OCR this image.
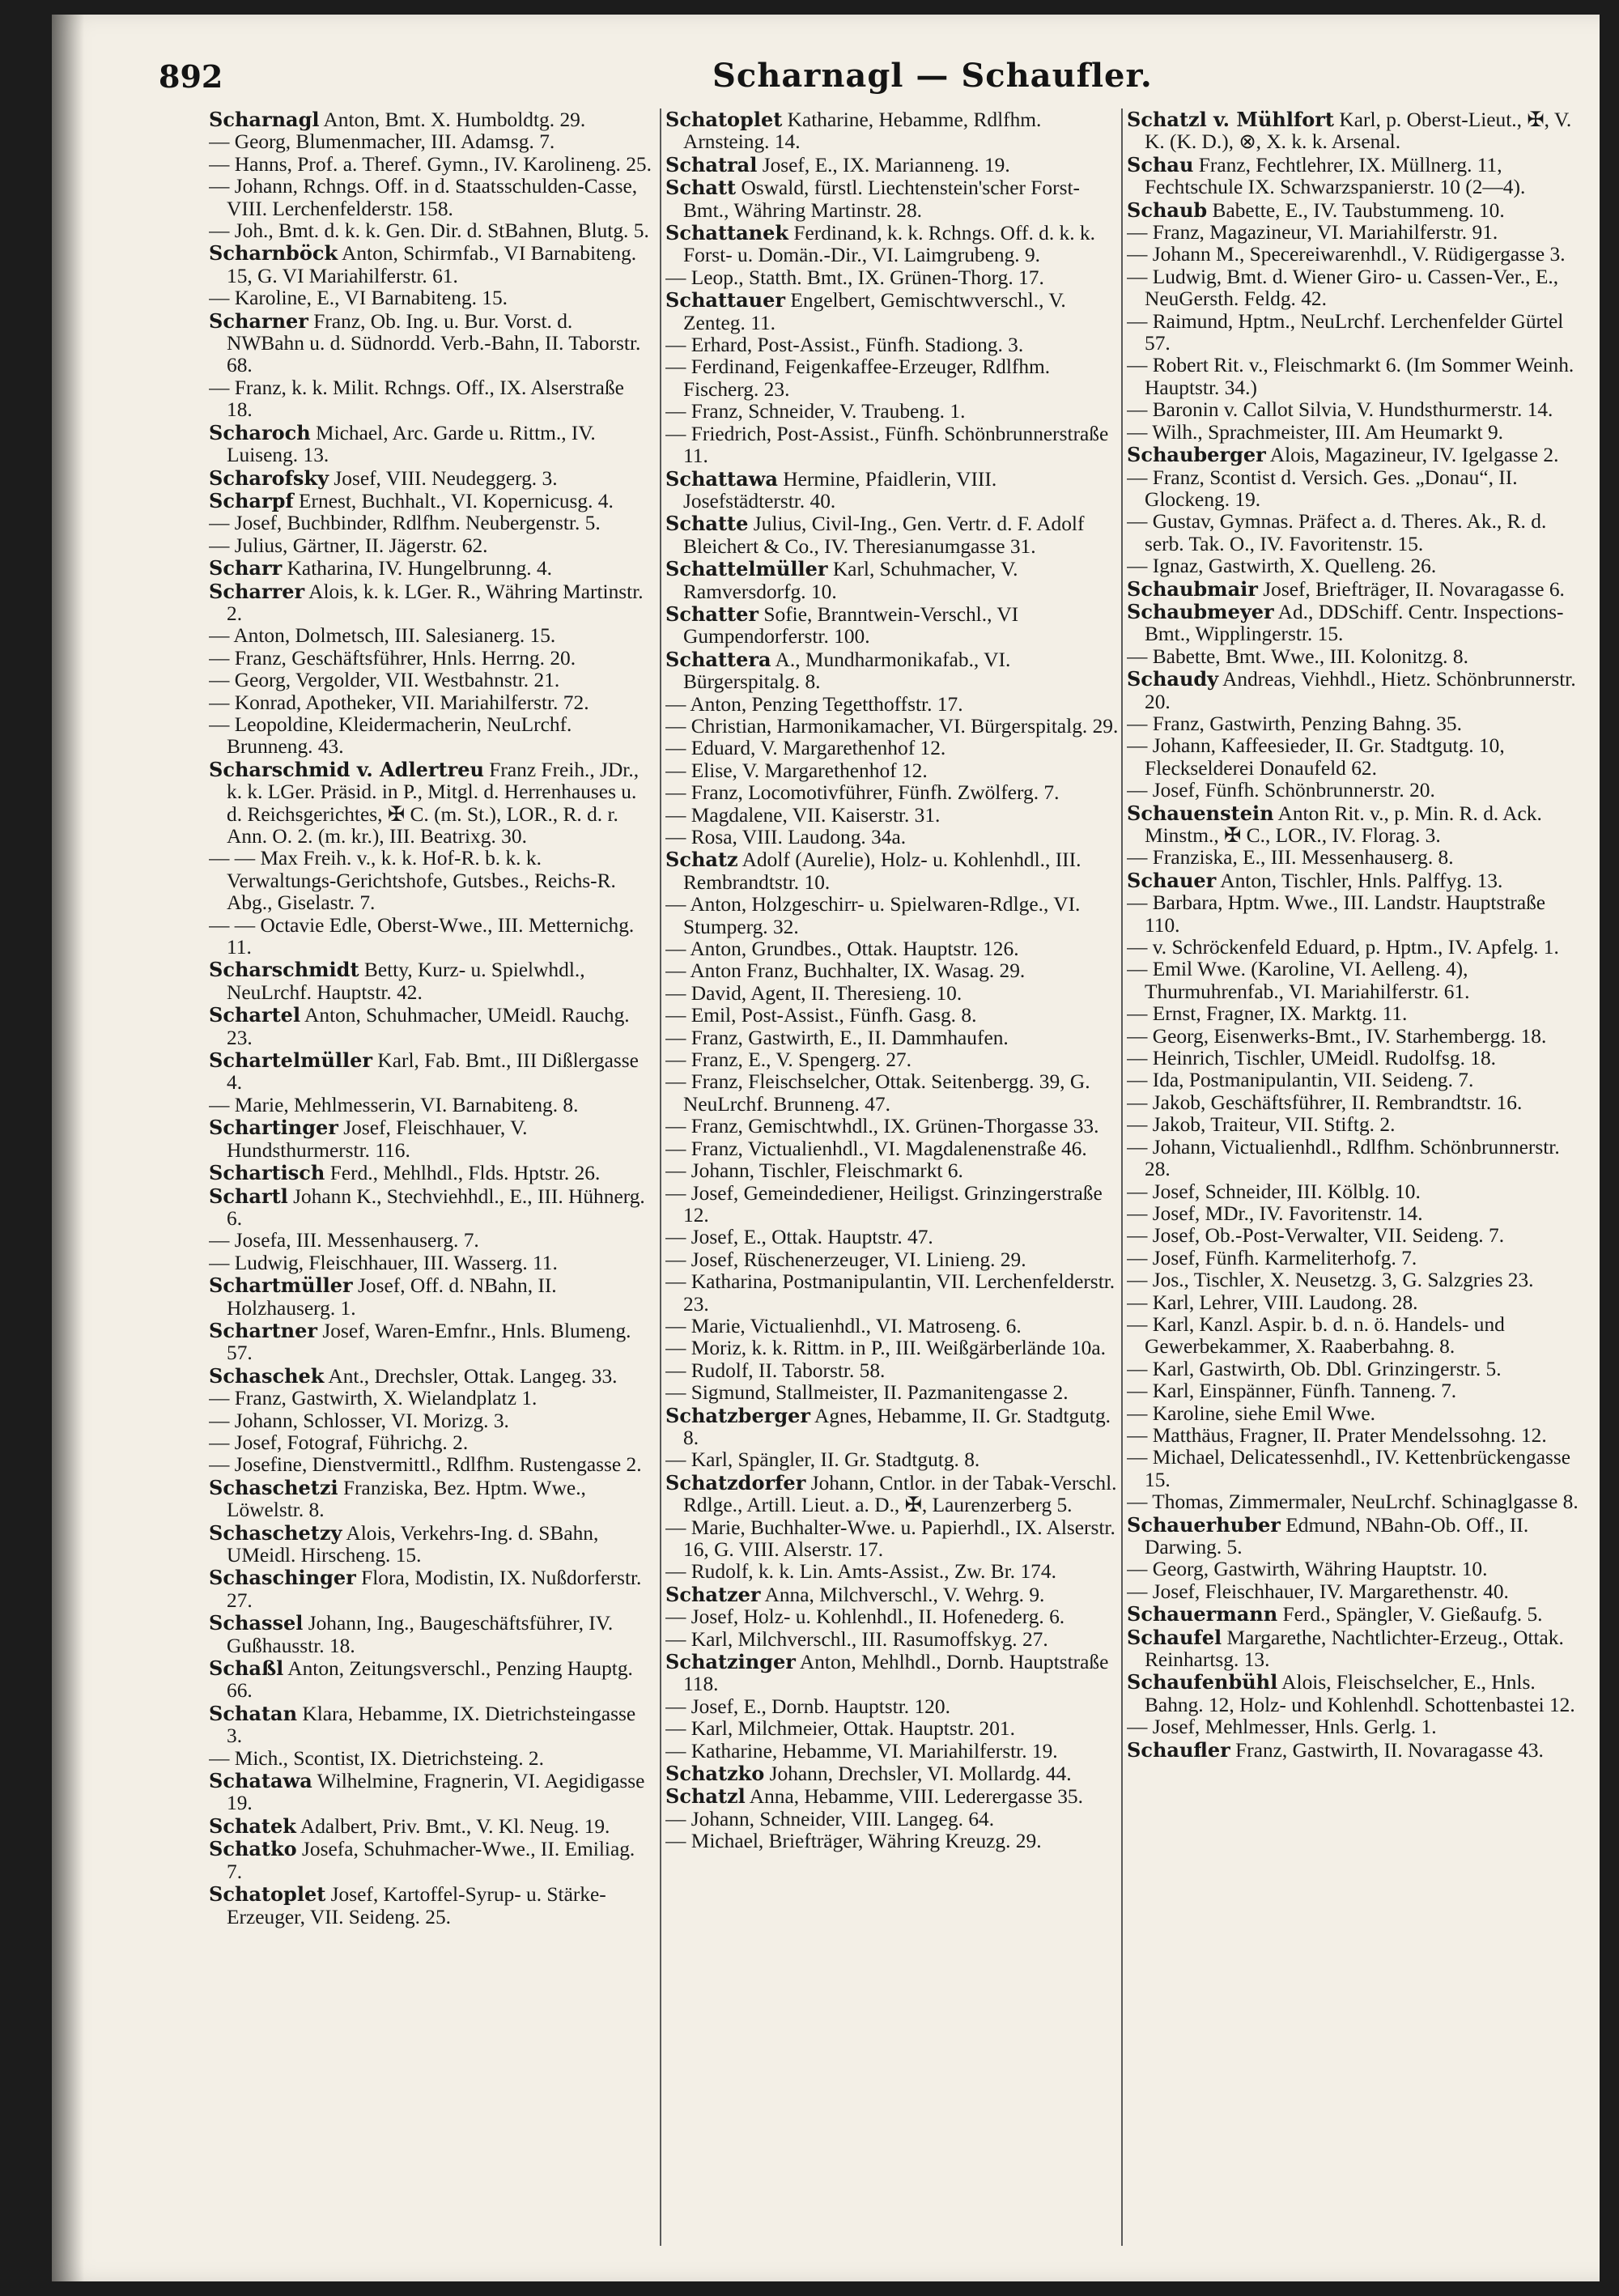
892	Scharnagl — Schaufler.
Scharnagl Anton, Bmt. X. Humboldtg. 29.
— Georg, Blumenmacher, III. Adamsg. 7.
— Hanns, Prof. a. Theref. Gymn., IV. Karolineng. 25.
— Johann, Rchngs. Off. in d. Staatsschulden-Casse, VIII. Lerchenfelderstr. 158.
— Joh., Bmt. d. k. k. Gen. Dir. d. StBahnen, Blutg. 5.
Scharnböck Anton, Schirmfab., VI Barnabiteng. 15, G. VI Mariahilferstr. 61.
— Karoline, E., VI Barnabiteng. 15.
Scharner Franz, Ob. Ing. u. Bur. Vorst. d. NWBahn u. d. Südnordd. Verb.-Bahn, II. Taborstr. 68.
— Franz, k. k. Milit. Rchngs. Off., IX. Alserstraße 18.
Scharoch Michael, Arc. Garde u. Rittm., IV. Luiseng. 13.
Scharofsky Josef, VIII. Neudeggerg. 3.
Scharpf Ernest, Buchhalt., VI. Kopernicusg. 4.
— Josef, Buchbinder, Rdlfhm. Neubergenstr. 5.
— Julius, Gärtner, II. Jägerstr. 62.
Scharr Katharina, IV. Hungelbrunng. 4.
Scharrer Alois, k. k. LGer. R., Währing Martinstr. 2.
— Anton, Dolmetsch, III. Salesianerg. 15.
— Franz, Geschäftsführer, Hnls. Herrng. 20.
— Georg, Vergolder, VII. Westbahnstr. 21.
— Konrad, Apotheker, VII. Mariahilferstr. 72.
— Leopoldine, Kleidermacherin, NeuLrchf. Brunneng. 43.
Scharschmid v. Adlertreu Franz Freih., JDr., k. k. LGer. Präsid. in P., Mitgl. d. Herrenhauses u. d. Reichsgerichtes, ✠ C. (m. St.), LOR., R. d. r. Ann. O. 2. (m. kr.), III. Beatrixg. 30.
— — Max Freih. v., k. k. Hof-R. b. k. k. Verwaltungs-Gerichtshofe, Gutsbes., Reichs-R. Abg., Giselastr. 7.
— — Octavie Edle, Oberst-Wwe., III. Metternichg. 11.
Scharschmidt Betty, Kurz- u. Spielwhdl., NeuLrchf. Hauptstr. 42.
Schartel Anton, Schuhmacher, UMeidl. Rauchg. 23.
Schartelmüller Karl, Fab. Bmt., III Dißlergasse 4.
— Marie, Mehlmesserin, VI. Barnabiteng. 8.
Schartinger Josef, Fleischhauer, V. Hundsthurmerstr. 116.
Schartisch Ferd., Mehlhdl., Flds. Hptstr. 26.
Schartl Johann K., Stechviehhdl., E., III. Hühnerg. 6.
— Josefa, III. Messenhauserg. 7.
— Ludwig, Fleischhauer, III. Wasserg. 11.
Schartmüller Josef, Off. d. NBahn, II. Holzhauserg. 1.
Schartner Josef, Waren-Emfnr., Hnls. Blumeng. 57.
Schaschek Ant., Drechsler, Ottak. Langeg. 33.
— Franz, Gastwirth, X. Wielandplatz 1.
— Johann, Schlosser, VI. Morizg. 3.
— Josef, Fotograf, Führichg. 2.
— Josefine, Dienstvermittl., Rdlfhm. Rustengasse 2.
Schaschetzi Franziska, Bez. Hptm. Wwe., Löwelstr. 8.
Schaschetzy Alois, Verkehrs-Ing. d. SBahn, UMeidl. Hirscheng. 15.
Schaschinger Flora, Modistin, IX. Nußdorferstr. 27.
Schassel Johann, Ing., Baugeschäftsführer, IV. Gußhausstr. 18.
Schaßl Anton, Zeitungsverschl., Penzing Hauptg. 66.
Schatan Klara, Hebamme, IX. Dietrichsteingasse 3.
— Mich., Scontist, IX. Dietrichsteing. 2.
Schatawa Wilhelmine, Fragnerin, VI. Aegidigasse 19.
Schatek Adalbert, Priv. Bmt., V. Kl. Neug. 19.
Schatko Josefa, Schuhmacher-Wwe., II. Emiliag. 7.
Schatoplet Josef, Kartoffel-Syrup- u. Stärke-Erzeuger, VII. Seideng. 25.
Schatoplet Katharine, Hebamme, Rdlfhm. Arnsteing. 14.
Schatral Josef, E., IX. Marianneng. 19.
Schatt Oswald, fürstl. Liechtenstein'scher Forst-Bmt., Währing Martinstr. 28.
Schattanek Ferdinand, k. k. Rchngs. Off. d. k. k. Forst- u. Domän.-Dir., VI. Laimgrubeng. 9.
— Leop., Statth. Bmt., IX. Grünen-Thorg. 17.
Schattauer Engelbert, Gemischtwverschl., V. Zenteg. 11.
— Erhard, Post-Assist., Fünfh. Stadiong. 3.
— Ferdinand, Feigenkaffee-Erzeuger, Rdlfhm. Fischerg. 23.
— Franz, Schneider, V. Traubeng. 1.
— Friedrich, Post-Assist., Fünfh. Schönbrunnerstraße 11.
Schattawa Hermine, Pfaidlerin, VIII. Josefstädterstr. 40.
Schatte Julius, Civil-Ing., Gen. Vertr. d. F. Adolf Bleichert & Co., IV. Theresianumgasse 31.
Schattelmüller Karl, Schuhmacher, V. Ramversdorfg. 10.
Schatter Sofie, Branntwein-Verschl., VI Gumpendorferstr. 100.
Schattera A., Mundharmonikafab., VI. Bürgerspitalg. 8.
— Anton, Penzing Tegetthoffstr. 17.
— Christian, Harmonikamacher, VI. Bürgerspitalg. 29.
— Eduard, V. Margarethenhof 12.
— Elise, V. Margarethenhof 12.
— Franz, Locomotivführer, Fünfh. Zwölferg. 7.
— Magdalene, VII. Kaiserstr. 31.
— Rosa, VIII. Laudong. 34a.
Schatz Adolf (Aurelie), Holz- u. Kohlenhdl., III. Rembrandtstr. 10.
— Anton, Holzgeschirr- u. Spielwaren-Rdlge., VI. Stumperg. 32.
— Anton, Grundbes., Ottak. Hauptstr. 126.
— Anton Franz, Buchhalter, IX. Wasag. 29.
— David, Agent, II. Theresieng. 10.
— Emil, Post-Assist., Fünfh. Gasg. 8.
— Franz, Gastwirth, E., II. Dammhaufen.
— Franz, E., V. Spengerg. 27.
— Franz, Fleischselcher, Ottak. Seitenbergg. 39, G. NeuLrchf. Brunneng. 47.
— Franz, Gemischtwhdl., IX. Grünen-Thorgasse 33.
— Franz, Victualienhdl., VI. Magdalenenstraße 46.
— Johann, Tischler, Fleischmarkt 6.
— Josef, Gemeindediener, Heiligst. Grinzingerstraße 12.
— Josef, E., Ottak. Hauptstr. 47.
— Josef, Rüschenerzeuger, VI. Linieng. 29.
— Katharina, Postmanipulantin, VII. Lerchenfelderstr. 23.
— Marie, Victualienhdl., VI. Matroseng. 6.
— Moriz, k. k. Rittm. in P., III. Weißgärberlände 10a.
— Rudolf, II. Taborstr. 58.
— Sigmund, Stallmeister, II. Pazmanitengasse 2.
Schatzberger Agnes, Hebamme, II. Gr. Stadtgutg. 8.
— Karl, Spängler, II. Gr. Stadtgutg. 8.
Schatzdorfer Johann, Cntlor. in der Tabak-Verschl. Rdlge., Artill. Lieut. a. D., ✠, Laurenzerberg 5.
— Marie, Buchhalter-Wwe. u. Papierhdl., IX. Alserstr. 16, G. VIII. Alserstr. 17.
— Rudolf, k. k. Lin. Amts-Assist., Zw. Br. 174.
Schatzer Anna, Milchverschl., V. Wehrg. 9.
— Josef, Holz- u. Kohlenhdl., II. Hofenederg. 6.
— Karl, Milchverschl., III. Rasumoffskyg. 27.
Schatzinger Anton, Mehlhdl., Dornb. Hauptstraße 118.
— Josef, E., Dornb. Hauptstr. 120.
— Karl, Milchmeier, Ottak. Hauptstr. 201.
— Katharine, Hebamme, VI. Mariahilferstr. 19.
Schatzko Johann, Drechsler, VI. Mollardg. 44.
Schatzl Anna, Hebamme, VIII. Lederergasse 35.
— Johann, Schneider, VIII. Langeg. 64.
— Michael, Briefträger, Währing Kreuzg. 29.
Schatzl v. Mühlfort Karl, p. Oberst-Lieut., ✠, V. K. (K. D.), ⊗, X. k. k. Arsenal.
Schau Franz, Fechtlehrer, IX. Müllnerg. 11, Fechtschule IX. Schwarzspanierstr. 10 (2—4).
Schaub Babette, E., IV. Taubstummeng. 10.
— Franz, Magazineur, VI. Mariahilferstr. 91.
— Johann M., Specereiwarenhdl., V. Rüdigergasse 3.
— Ludwig, Bmt. d. Wiener Giro- u. Cassen-Ver., E., NeuGersth. Feldg. 42.
— Raimund, Hptm., NeuLrchf. Lerchenfelder Gürtel 57.
— Robert Rit. v., Fleischmarkt 6. (Im Sommer Weinh. Hauptstr. 34.)
— Baronin v. Callot Silvia, V. Hundsthurmerstr. 14.
— Wilh., Sprachmeister, III. Am Heumarkt 9.
Schauberger Alois, Magazineur, IV. Igelgasse 2.
— Franz, Scontist d. Versich. Ges. „Donau“, II. Glockeng. 19.
— Gustav, Gymnas. Präfect a. d. Theres. Ak., R. d. serb. Tak. O., IV. Favoritenstr. 15.
— Ignaz, Gastwirth, X. Quelleng. 26.
Schaubmair Josef, Briefträger, II. Novaragasse 6.
Schaubmeyer Ad., DDSchiff. Centr. Inspections-Bmt., Wipplingerstr. 15.
— Babette, Bmt. Wwe., III. Kolonitzg. 8.
Schaudy Andreas, Viehhdl., Hietz. Schönbrunnerstr. 20.
— Franz, Gastwirth, Penzing Bahng. 35.
— Johann, Kaffeesieder, II. Gr. Stadtgutg. 10, Fleckselderei Donaufeld 62.
— Josef, Fünfh. Schönbrunnerstr. 20.
Schauenstein Anton Rit. v., p. Min. R. d. Ack. Minstm., ✠ C., LOR., IV. Florag. 3.
— Franziska, E., III. Messenhauserg. 8.
Schauer Anton, Tischler, Hnls. Palffyg. 13.
— Barbara, Hptm. Wwe., III. Landstr. Hauptstraße 110.
— v. Schröckenfeld Eduard, p. Hptm., IV. Apfelg. 1.
— Emil Wwe. (Karoline, VI. Aelleng. 4), Thurmuhrenfab., VI. Mariahilferstr. 61.
— Ernst, Fragner, IX. Marktg. 11.
— Georg, Eisenwerks-Bmt., IV. Starhembergg. 18.
— Heinrich, Tischler, UMeidl. Rudolfsg. 18.
— Ida, Postmanipulantin, VII. Seideng. 7.
— Jakob, Geschäftsführer, II. Rembrandtstr. 16.
— Jakob, Traiteur, VII. Stiftg. 2.
— Johann, Victualienhdl., Rdlfhm. Schönbrunnerstr. 28.
— Josef, Schneider, III. Kölblg. 10.
— Josef, MDr., IV. Favoritenstr. 14.
— Josef, Ob.-Post-Verwalter, VII. Seideng. 7.
— Josef, Fünfh. Karmeliterhofg. 7.
— Jos., Tischler, X. Neusetzg. 3, G. Salzgries 23.
— Karl, Lehrer, VIII. Laudong. 28.
— Karl, Kanzl. Aspir. b. d. n. ö. Handels- und Gewerbekammer, X. Raaberbahng. 8.
— Karl, Gastwirth, Ob. Dbl. Grinzingerstr. 5.
— Karl, Einspänner, Fünfh. Tanneng. 7.
— Karoline, siehe Emil Wwe.
— Matthäus, Fragner, II. Prater Mendelssohng. 12.
— Michael, Delicatessenhdl., IV. Kettenbrückengasse 15.
— Thomas, Zimmermaler, NeuLrchf. Schinaglgasse 8.
Schauerhuber Edmund, NBahn-Ob. Off., II. Darwing. 5.
— Georg, Gastwirth, Währing Hauptstr. 10.
— Josef, Fleischhauer, IV. Margarethenstr. 40.
Schauermann Ferd., Spängler, V. Gießaufg. 5.
Schaufel Margarethe, Nachtlichter-Erzeug., Ottak. Reinhartsg. 13.
Schaufenbühl Alois, Fleischselcher, E., Hnls. Bahng. 12, Holz- und Kohlenhdl. Schottenbastei 12.
— Josef, Mehlmesser, Hnls. Gerlg. 1.
Schaufler Franz, Gastwirth, II. Novaragasse 43.
